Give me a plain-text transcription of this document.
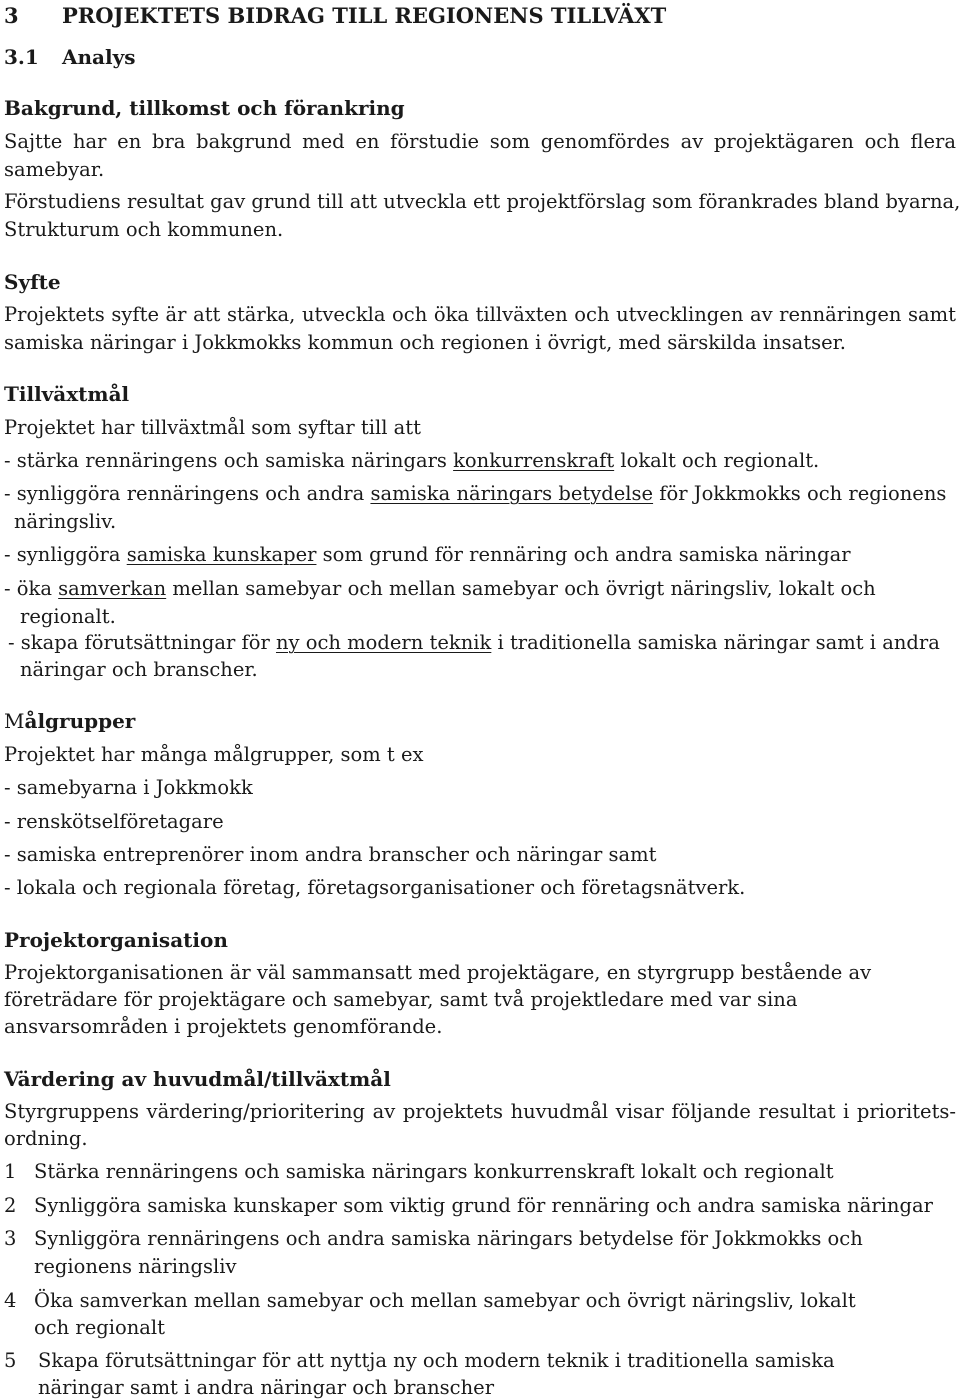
3 PROJEKTETS BIDRAG TILL REGIONENS TILLVÄXT
3.1 Analys
Bakgrund, tillkomst och förankring
Sajtte har en bra bakgrund med en förstudie som genomfördes av projektägaren och flera
samebyar.
Förstudiens resultat gav grund till att utveckla ett projektförslag som förankrades bland byarna,
Strukturum och kommunen.
Syfte
Projektets syfte är att stärka, utveckla och öka tillväxten och utvecklingen av rennäringen samt
samiska näringar i Jokkmokks kommun och regionen i övrigt, med särskilda insatser.
Tillväxtmål
Projektet har tillväxtmål som syftar till att
- stärka rennäringens och samiska näringars konkurrenskraft lokalt och regionalt.
- synliggöra rennäringens och andra samiska näringars betydelse för Jokkmokks och regionens
näringsliv.
- synliggöra samiska kunskaper som grund för rennäring och andra samiska näringar
- öka samverkan mellan samebyar och mellan samebyar och övrigt näringsliv, lokalt och
regionalt.
- skapa förutsättningar för ny och modern teknik i traditionella samiska näringar samt i andra
näringar och branscher.
Målgrupper
Projektet har många målgrupper, som t ex
- samebyarna i Jokkmokk
- renskötselföretagare
- samiska entreprenörer inom andra branscher och näringar samt
- lokala och regionala företag, företagsorganisationer och företagsnätverk.
Projektorganisation
Projektorganisationen är väl sammansatt med projektägare, en styrgrupp bestående av
företrädare för projektägare och samebyar, samt två projektledare med var sina
ansvarsområden i projektets genomförande.
Värdering av huvudmål/tillväxtmål
Styrgruppens värdering/prioritering av projektets huvudmål visar följande resultat i prioritets-
ordning.
1 Stärka rennäringens och samiska näringars konkurrenskraft lokalt och regionalt
2 Synliggöra samiska kunskaper som viktig grund för rennäring och andra samiska näringar
3 Synliggöra rennäringens och andra samiska näringars betydelse för Jokkmokks och
regionens näringsliv
4 Öka samverkan mellan samebyar och mellan samebyar och övrigt näringsliv, lokalt
och regionalt
5 Skapa förutsättningar för att nyttja ny och modern teknik i traditionella samiska
näringar samt i andra näringar och branscher
